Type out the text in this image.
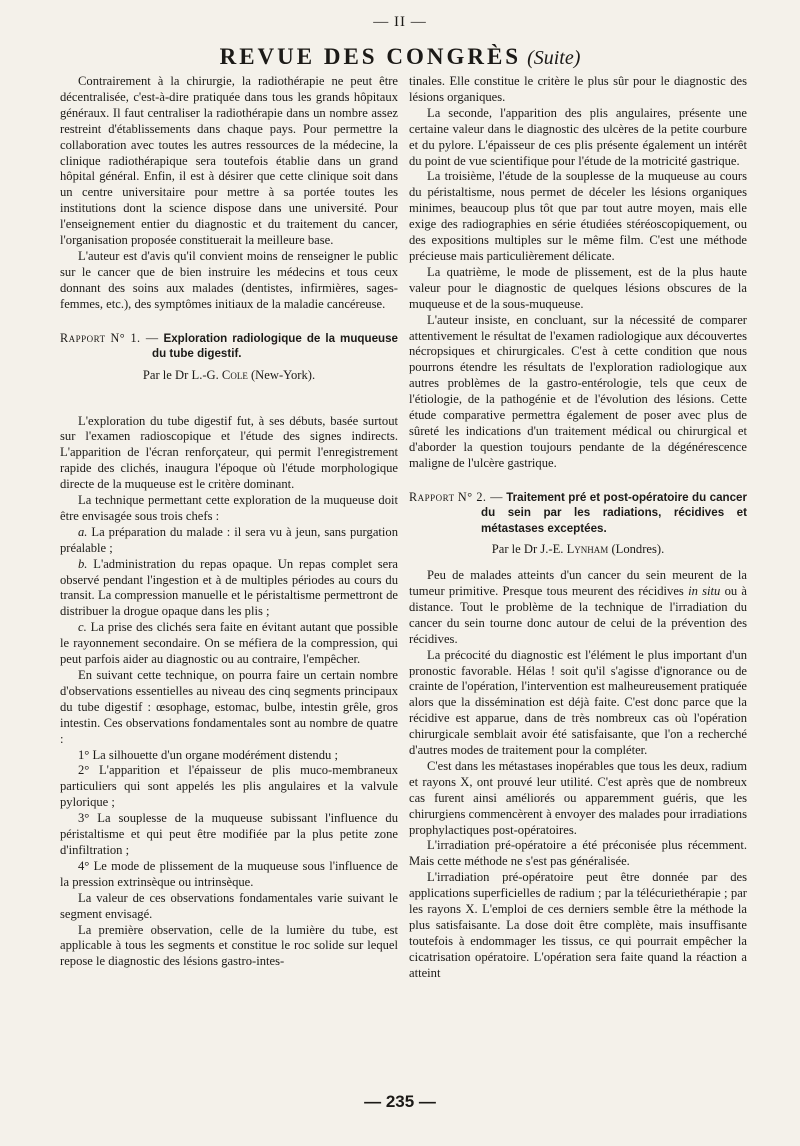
— II —
REVUE DES CONGRÈS (Suite)

Contrairement à la chirurgie, la radiothérapie ne peut être décentralisée, c'est-à-dire pratiquée dans tous les grands hôpitaux généraux. Il faut centraliser la radiothérapie dans un nombre assez restreint d'établissements dans chaque pays. Pour permettre la collaboration avec toutes les autres ressources de la médecine, la clinique radiothérapique sera toutefois établie dans un grand hôpital général. Enfin, il est à désirer que cette clinique soit dans un centre universitaire pour mettre à sa portée toutes les institutions dont la science dispose dans une université. Pour l'enseignement entier du diagnostic et du traitement du cancer, l'organisation proposée constituerait la meilleure base.

L'auteur est d'avis qu'il convient moins de renseigner le public sur le cancer que de bien instruire les médecins et tous ceux donnant des soins aux malades (dentistes, infirmières, sages-femmes, etc.), des symptômes initiaux de la maladie cancéreuse.

Rapport N° 1. — Exploration radiologique de la muqueuse du tube digestif.
Par le Dr L.-G. Cole (New-York).

L'exploration du tube digestif fut, à ses débuts, basée surtout sur l'examen radioscopique et l'étude des signes indirects. L'apparition de l'écran renforçateur, qui permit l'enregistrement rapide des clichés, inaugura l'époque où l'étude morphologique directe de la muqueuse est le critère dominant.

La technique permettant cette exploration de la muqueuse doit être envisagée sous trois chefs :

a. La préparation du malade : il sera vu à jeun, sans purgation préalable ;

b. L'administration du repas opaque. Un repas complet sera observé pendant l'ingestion et à de multiples périodes au cours du transit. La compression manuelle et le péristaltisme permettront de distribuer la drogue opaque dans les plis ;

c. La prise des clichés sera faite en évitant autant que possible le rayonnement secondaire. On se méfiera de la compression, qui peut parfois aider au diagnostic ou au contraire, l'empêcher.

En suivant cette technique, on pourra faire un certain nombre d'observations essentielles au niveau des cinq segments principaux du tube digestif : œsophage, estomac, bulbe, intestin grêle, gros intestin. Ces observations fondamentales sont au nombre de quatre :

1° La silhouette d'un organe modérément distendu ;

2° L'apparition et l'épaisseur de plis muco-membraneux particuliers qui sont appelés les plis angulaires et la valvule pylorique ;

3° La souplesse de la muqueuse subissant l'influence du péristaltisme et qui peut être modifiée par la plus petite zone d'infiltration ;

4° Le mode de plissement de la muqueuse sous l'influence de la pression extrinsèque ou intrinsèque.

La valeur de ces observations fondamentales varie suivant le segment envisagé.

La première observation, celle de la lumière du tube, est applicable à tous les segments et constitue le roc solide sur lequel repose le diagnostic des lésions gastro-intes-

tinales. Elle constitue le critère le plus sûr pour le diagnostic des lésions organiques.

La seconde, l'apparition des plis angulaires, présente une certaine valeur dans le diagnostic des ulcères de la petite courbure et du pylore. L'épaisseur de ces plis présente également un intérêt du point de vue scientifique pour l'étude de la motricité gastrique.

La troisième, l'étude de la souplesse de la muqueuse au cours du péristaltisme, nous permet de déceler les lésions organiques minimes, beaucoup plus tôt que par tout autre moyen, mais elle exige des radiographies en série étudiées stéréoscopiquement, ou des expositions multiples sur le même film. C'est une méthode précieuse mais particulièrement délicate.

La quatrième, le mode de plissement, est de la plus haute valeur pour le diagnostic de quelques lésions obscures de la muqueuse et de la sous-muqueuse.

L'auteur insiste, en concluant, sur la nécessité de comparer attentivement le résultat de l'examen radiologique aux découvertes nécropsiques et chirurgicales. C'est à cette condition que nous pourrons étendre les résultats de l'exploration radiologique aux autres problèmes de la gastro-entérologie, tels que ceux de l'étiologie, de la pathogénie et de l'évolution des lésions. Cette étude comparative permettra également de poser avec plus de sûreté les indications d'un traitement médical ou chirurgical et d'aborder la question toujours pendante de la dégénérescence maligne de l'ulcère gastrique.

Rapport N° 2. — Traitement pré et post-opératoire du cancer du sein par les radiations, récidives et métastases exceptées.
Par le Dr J.-E. Lynham (Londres).

Peu de malades atteints d'un cancer du sein meurent de la tumeur primitive. Presque tous meurent des récidives in situ ou à distance. Tout le problème de la technique de l'irradiation du cancer du sein tourne donc autour de celui de la prévention des récidives.

La précocité du diagnostic est l'élément le plus important d'un pronostic favorable. Hélas ! soit qu'il s'agisse d'ignorance ou de crainte de l'opération, l'intervention est malheureusement pratiquée alors que la dissémination est déjà faite. C'est donc parce que la récidive est apparue, dans de très nombreux cas où l'opération chirurgicale semblait avoir été satisfaisante, que l'on a recherché d'autres modes de traitement pour la compléter.

C'est dans les métastases inopérables que tous les deux, radium et rayons X, ont prouvé leur utilité. C'est après que de nombreux cas furent ainsi améliorés ou apparemment guéris, que les chirurgiens commencèrent à envoyer des malades pour irradiations prophylactiques post-opératoires.

L'irradiation pré-opératoire a été préconisée plus récemment. Mais cette méthode ne s'est pas généralisée.

L'irradiation pré-opératoire peut être donnée par des applications superficielles de radium ; par la télécuriethérapie ; par les rayons X. L'emploi de ces derniers semble être la méthode la plus satisfaisante. La dose doit être complète, mais insuffisante toutefois à endommager les tissus, ce qui pourrait empêcher la cicatrisation opératoire. L'opération sera faite quand la réaction a atteint

— 235 —
